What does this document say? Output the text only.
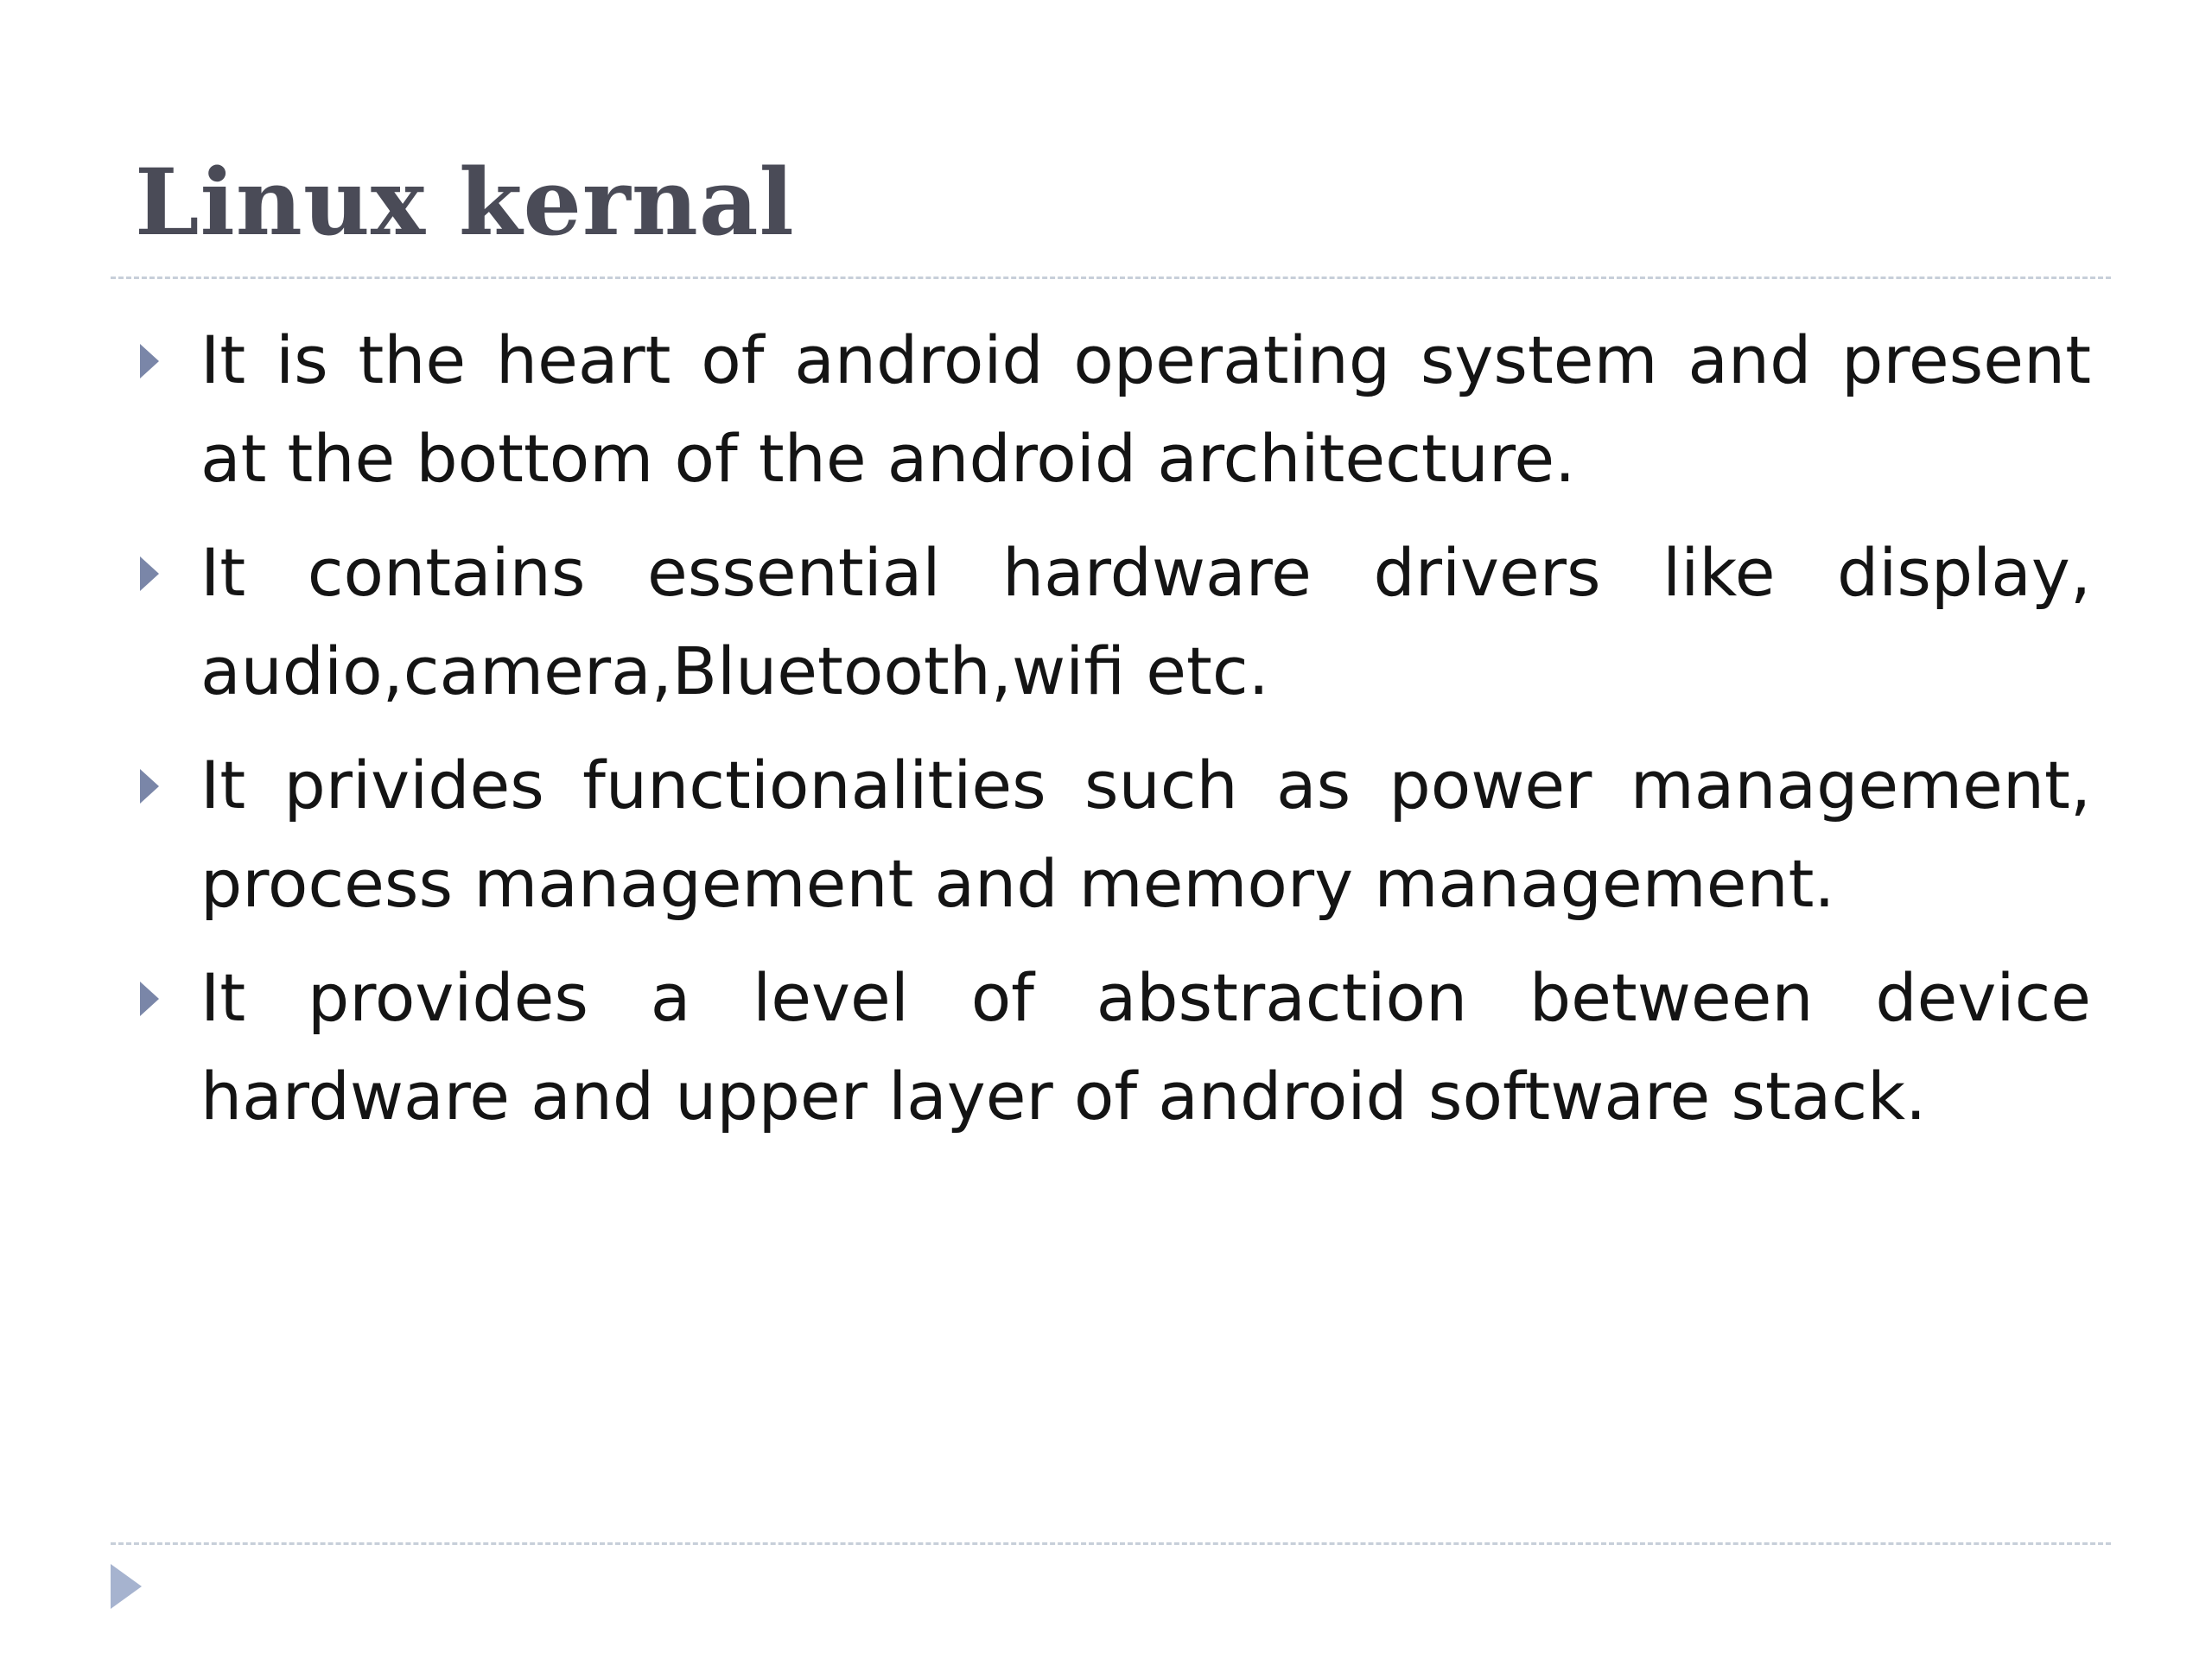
Linux kernal
It is the heart of android operating system and present at the bottom of the android architecture.
It contains essential hardware drivers like display, audio,camera,Bluetooth,wifi etc.
It privides functionalities such as power management, process management and memory management.
It provides a level of abstraction between device hardware and upper layer of android software stack.
